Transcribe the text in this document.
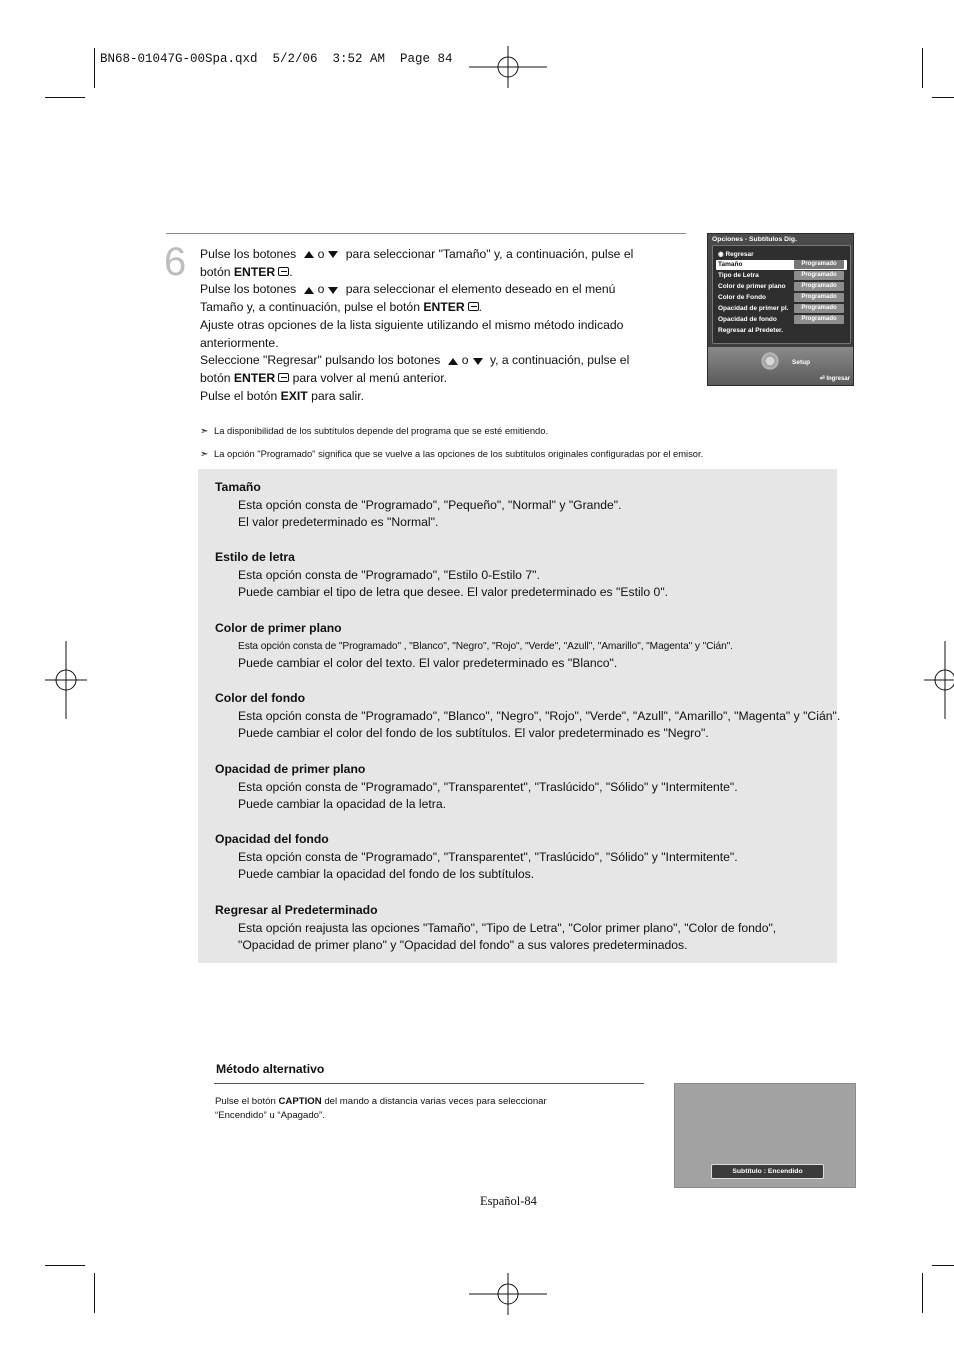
BN68-01047G-00Spa.qxd  5/2/06  3:52 AM  Page 84
6 Pulse los botones o para seleccionar "Tamaño" y, a continuación, pulse el
botón ENTER .
Pulse los botones o para seleccionar el elemento deseado en el menú
Tamaño y, a continuación, pulse el botón ENTER .
Ajuste otras opciones de la lista siguiente utilizando el mismo método indicado
anteriormente.
Seleccione "Regresar" pulsando los botones o y, a continuación, pulse el
botón ENTER para volver al menú anterior.
Pulse el botón EXIT para salir.
Opciones - Subtítulos Dig.
◉ Regresar
Tamaño	Programado
Tipo de Letra	Programado
Color de primer plano	Programado
Color de Fondo	Programado
Opacidad de primer pl.	Programado
Opacidad de fondo	Programado
Regresar al Predeter.
Setup
⏎ Ingresar
➣ La disponibilidad de los subtítulos depende del programa que se esté emitiendo.
➣ La opción "Programado" significa que se vuelve a las opciones de los subtítulos originales configuradas por el emisor.
Tamaño
Esta opción consta de "Programado", "Pequeño", "Normal" y "Grande".
El valor predeterminado es "Normal".
Estilo de letra
Esta opción consta de "Programado", "Estilo 0-Estilo 7".
Puede cambiar el tipo de letra que desee. El valor predeterminado es "Estilo 0".
Color de primer plano
Esta opción consta de "Programado" , "Blanco", "Negro", "Rojo", "Verde", "Azull", "Amarillo", "Magenta" y "Cián".
Puede cambiar el color del texto. El valor predeterminado es "Blanco".
Color del fondo
Esta opción consta de "Programado", "Blanco", "Negro", "Rojo", "Verde", "Azull", "Amarillo", "Magenta" y "Cián".
Puede cambiar el color del fondo de los subtítulos. El valor predeterminado es "Negro".
Opacidad de primer plano
Esta opción consta de "Programado", "Transparentet", "Traslúcido", "Sólido" y "Intermitente".
Puede cambiar la opacidad de la letra.
Opacidad del fondo
Esta opción consta de "Programado", "Transparentet", "Traslúcido", "Sólido" y "Intermitente".
Puede cambiar la opacidad del fondo de los subtítulos.
Regresar al Predeterminado
Esta opción reajusta las opciones "Tamaño", "Tipo de Letra", "Color primer plano", "Color de fondo",
"Opacidad de primer plano" y "Opacidad del fondo" a sus valores predeterminados.
Método alternativo
Pulse el botón CAPTION del mando a distancia varias veces para seleccionar
“Encendido” u “Apagado”.
Subtítulo : Encendido
Español-84
